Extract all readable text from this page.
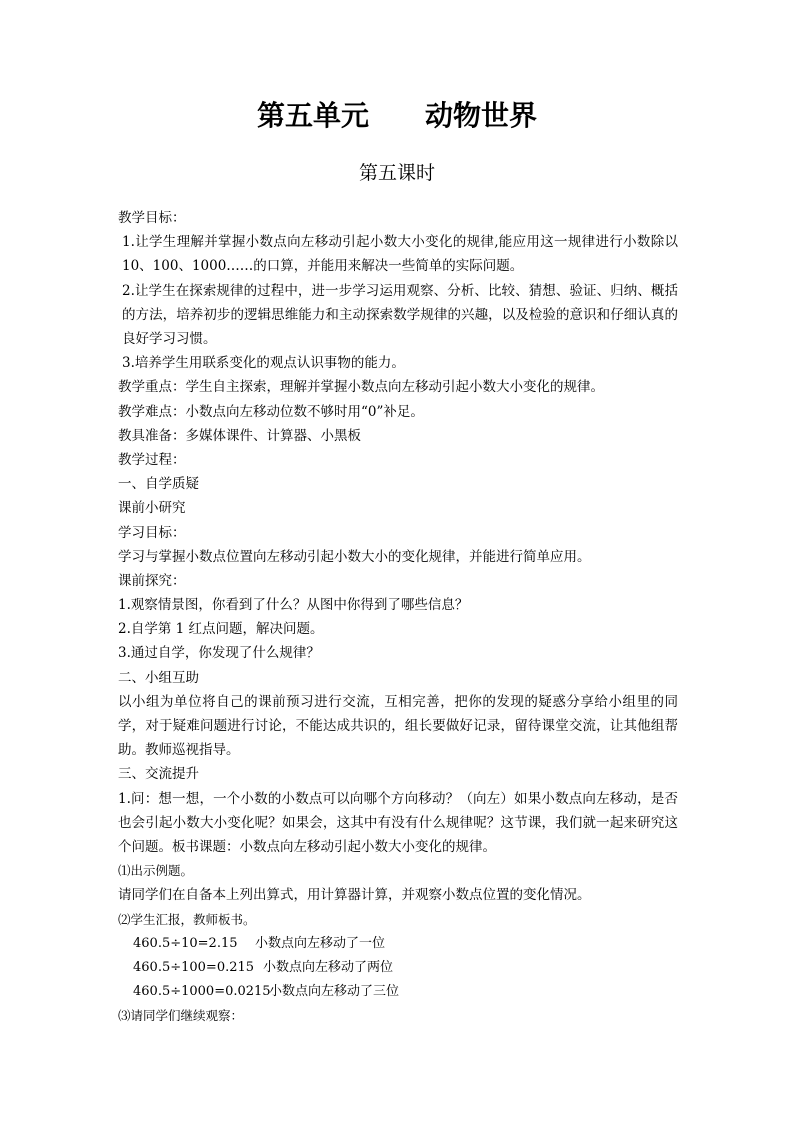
第五单元　　动物世界
第五课时
教学目标：
1.让学生理解并掌握小数点向左移动引起小数大小变化的规律,能应用这一规律进行小数除以 10、100、1000……的口算，并能用来解决一些简单的实际问题。
2.让学生在探索规律的过程中，进一步学习运用观察、分析、比较、猜想、验证、归纳、概括的方法，培养初步的逻辑思维能力和主动探索数学规律的兴趣，以及检验的意识和仔细认真的良好学习习惯。
3.培养学生用联系变化的观点认识事物的能力。
教学重点：学生自主探索，理解并掌握小数点向左移动引起小数大小变化的规律。
教学难点：小数点向左移动位数不够时用“0”补足。
教具准备：多媒体课件、计算器、小黑板
教学过程：
一、自学质疑
课前小研究
学习目标：
学习与掌握小数点位置向左移动引起小数大小的变化规律，并能进行简单应用。
课前探究：
1.观察情景图，你看到了什么？从图中你得到了哪些信息？
2.自学第 1 红点问题，解决问题。
3.通过自学，你发现了什么规律？
二、小组互助
以小组为单位将自己的课前预习进行交流，互相完善，把你的发现的疑惑分享给小组里的同学，对于疑难问题进行讨论，不能达成共识的，组长要做好记录，留待课堂交流，让其他组帮助。教师巡视指导。
三、交流提升
1.问：想一想，一个小数的小数点可以向哪个方向移动？（向左）如果小数点向左移动，是否也会引起小数大小变化呢？如果会，这其中有没有什么规律呢？这节课，我们就一起来研究这个问题。板书课题：小数点向左移动引起小数大小变化的规律。
⑴出示例题。
请同学们在自备本上列出算式，用计算器计算，并观察小数点位置的变化情况。
⑵学生汇报，教师板书。
460.5÷10=2.15 小数点向左移动了一位
460.5÷100=0.215 小数点向左移动了两位
460.5÷1000=0.0215小数点向左移动了三位
⑶请同学们继续观察：
